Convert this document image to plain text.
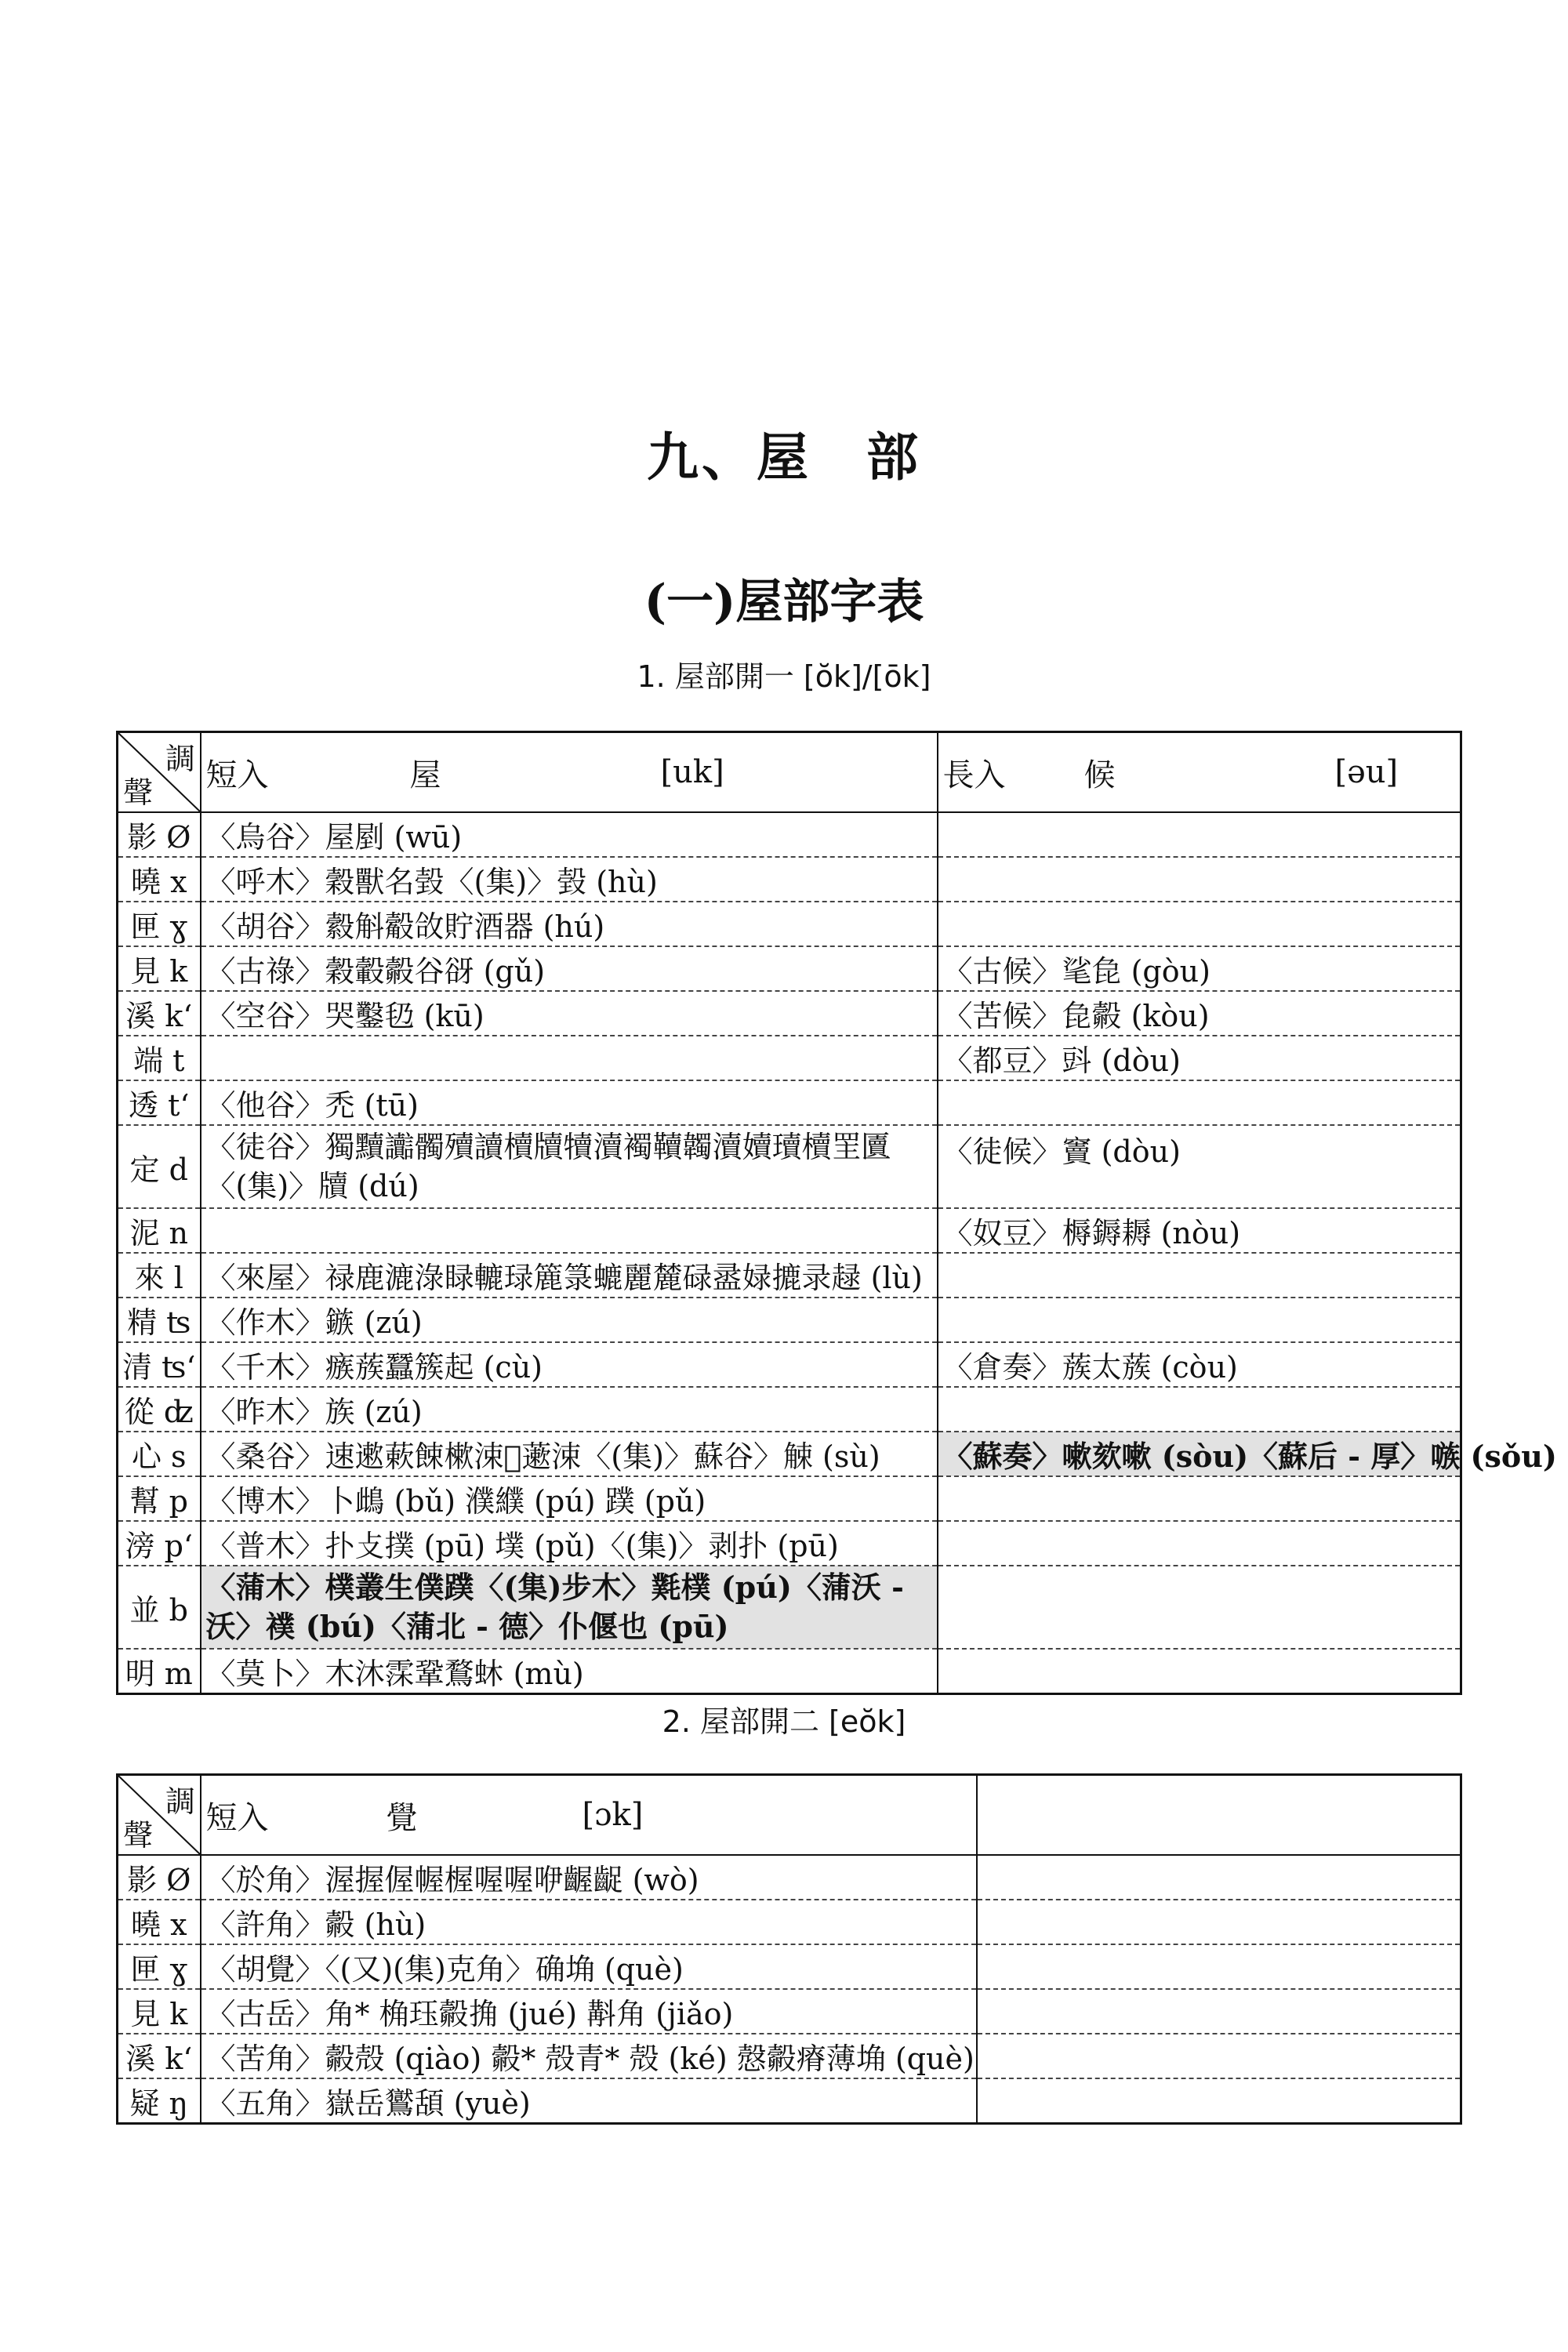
九、屋　部
(一)屋部字表
1. 屋部開一 [ŏk]/[ōk]
調
聲	短入 屋 [uk]	長入 候 [əu]

影 Ø	〈烏谷〉屋剭 (wū)	
曉 x	〈呼木〉穀獸名㲄〈(集)〉㲄 (hù)	
匣 ɣ	〈胡谷〉縠斛觳㪉貯酒器 (hú)	
見 k	〈古祿〉穀轂㲉谷谺 (gǔ)	〈古候〉㲚㲋 (gòu)
溪 kʻ	〈空谷〉哭鑿㲌 (kū)	〈苦候〉㲋㲉 (kòu)
端 t		〈都豆〉㪷 (dòu)
透 tʻ	〈他谷〉禿 (tū)	
定 d	〈徒谷〉獨黷讟髑殰讀櫝牘犢瀆襡韇韣瀆嬻瓄櫝罜匵〈(集)〉牘 (dú)	〈徒候〉竇 (dòu)
泥 n		〈奴豆〉槈鎒耨 (nòu)
來 l	〈來屋〉禄鹿漉淥睩轆琭簏箓螰麗麓碌盝娽摝录趢 (lù)	
精 ʦ	〈作木〉鏃 (zú)	
清 ʦʻ	〈千木〉瘯蔟蠶簇起 (cù)	〈倉奏〉蔟太蔟 (còu)
從 ʣ	〈昨木〉族 (zú)	
心 s	〈桑谷〉速遬蔌餗樕涑𪊰藗涑〈(集)〉蘇谷〉觫 (sù)	〈蘇奏〉嗽欬嗽 (sòu)〈蘇后 - 厚〉嗾 (sǒu)
幫 p	〈博木〉卜䳄 (bǔ) 濮纀 (pú) 蹼 (pǔ)	
滂 pʻ	〈普木〉扑攴撲 (pū) 墣 (pǔ)〈(集)〉剥扑 (pū)	
並 b	〈蒲木〉樸叢生僕蹼〈(集)步木〉㲫樸 (pú)〈蒲沃 - 沃〉襆 (bú)〈蒲北 - 德〉仆偃也 (pū)	
明 m	〈莫卜〉木沐霂鞏鶩蚞 (mù)	
2. 屋部開二 [eŏk]
調
聲	短入 覺 [ɔk]	

影 Ø	〈於角〉渥握偓幄楃喔喔咿齷齪 (wò)	
曉 x	〈許角〉㲉 (hù)	
匣 ɣ	〈胡覺〉〈(又)(集)克角〉确埆 (què)	
見 k	〈古岳〉角* 桷珏㲉捔 (jué) 斠角 (jiǎo)	
溪 kʻ	〈苦角〉㲉殻 (qiào) 㲉* 殻青* 殻 (ké) 慤㲉瘠薄埆 (què)	
疑 ŋ	〈五角〉嶽岳鸑頢 (yuè)	
